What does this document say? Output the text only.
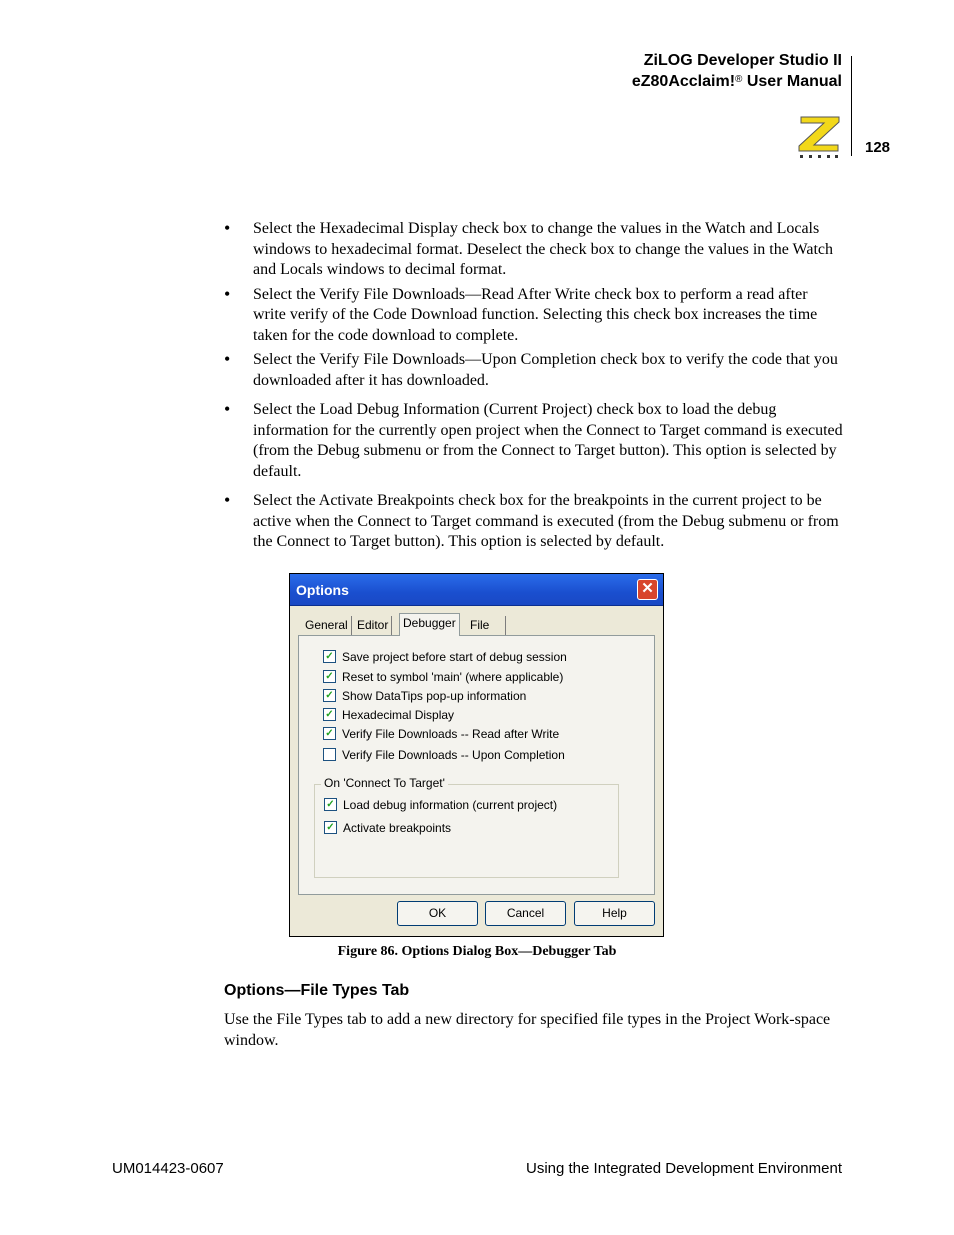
ZiLOG Developer Studio II
eZ80Acclaim!® User Manual
128
• Select the Hexadecimal Display check box to change the values in the Watch and Locals windows to hexadecimal format. Deselect the check box to change the values in the Watch and Locals windows to decimal format.
• Select the Verify File Downloads—Read After Write check box to perform a read after write verify of the Code Download function. Selecting this check box increases the time taken for the code download to complete.
• Select the Verify File Downloads—Upon Completion check box to verify the code that you downloaded after it has downloaded.
• Select the Load Debug Information (Current Project) check box to load the debug information for the currently open project when the Connect to Target command is executed (from the Debug submenu or from the Connect to Target button). This option is selected by default.
• Select the Activate Breakpoints check box for the breakpoints in the current project to be active when the Connect to Target command is executed (from the Debug submenu or from the Connect to Target button). This option is selected by default.
Options	✕
General Editor	Debugger	File
✓ Save project before start of debug session
✓ Reset to symbol 'main' (where applicable)
✓ Show DataTips pop-up information
✓ Hexadecimal Display
✓ Verify File Downloads -- Read after Write
Verify File Downloads -- Upon Completion
On 'Connect To Target'
✓ Load debug information (current project)
✓ Activate breakpoints
OK	Cancel	Help
Figure 86. Options Dialog Box—Debugger Tab
Options—File Types Tab
Use the File Types tab to add a new directory for specified file types in the Project Work-space window.
UM014423-0607	Using the Integrated Development Environment
